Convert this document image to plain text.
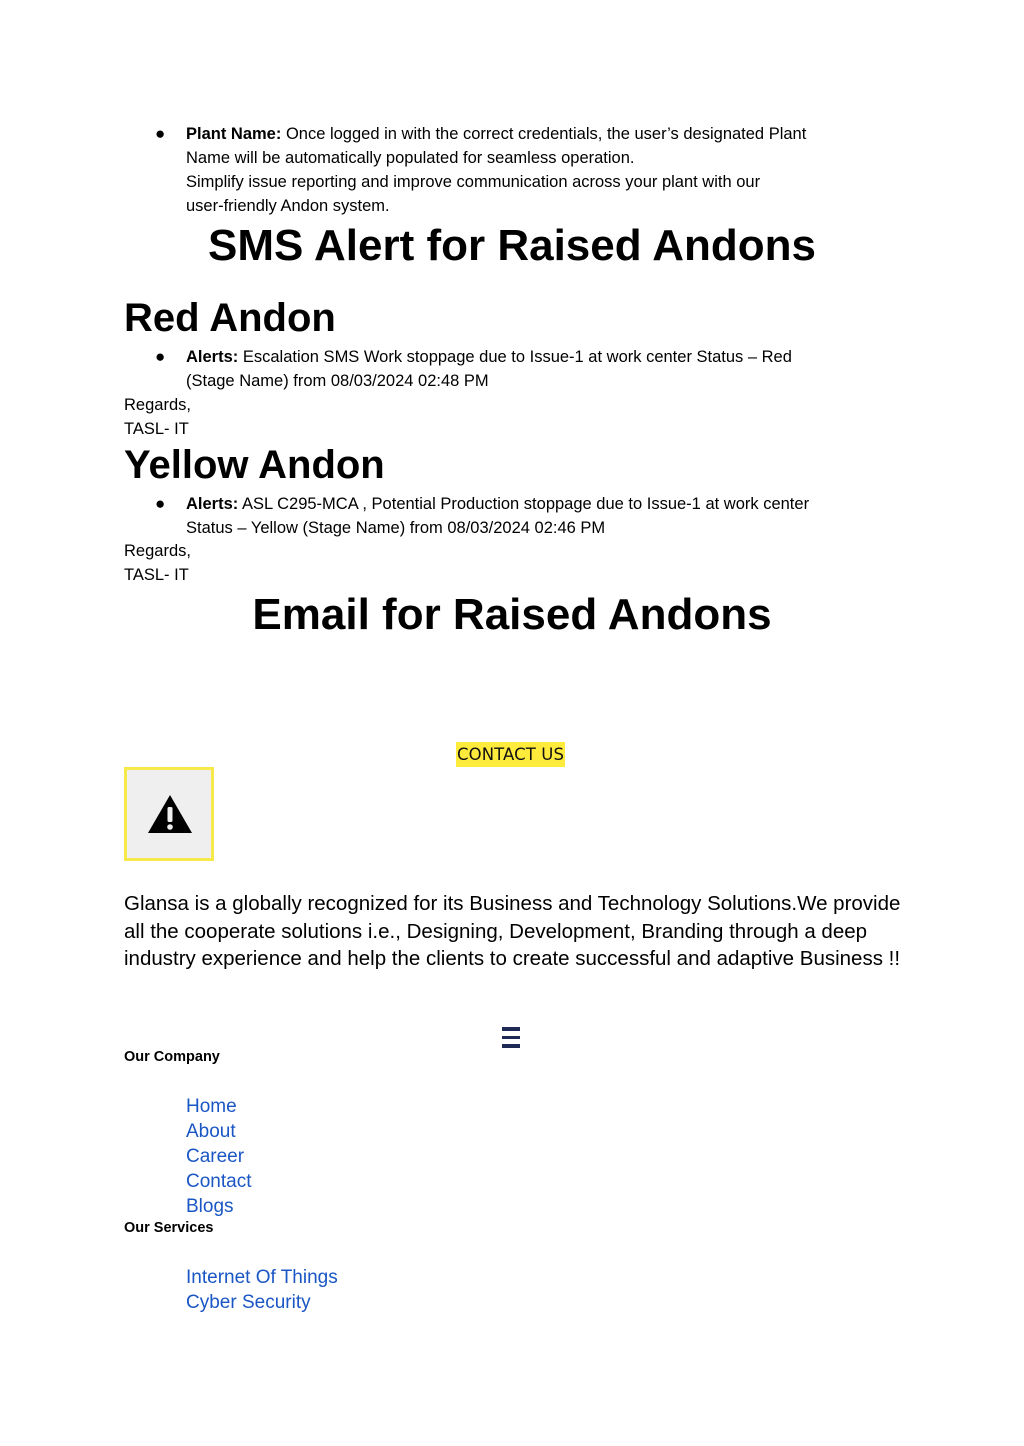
● Plant Name: Once logged in with the correct credentials, the user’s designated Plant

Name will be automatically populated for seamless operation.

Simplify issue reporting and improve communication across your plant with our

user-friendly Andon system.

SMS Alert for Raised Andons
Red Andon
● Alerts: Escalation SMS Work stoppage due to Issue-1 at work center Status – Red

(Stage Name) from 08/03/2024 02:48 PM

Regards,

TASL- IT

Yellow Andon
● Alerts: ASL C295-MCA , Potential Production stoppage due to Issue-1 at work center

Status – Yellow (Stage Name) from 08/03/2024 02:46 PM

Regards,

TASL- IT

Email for Raised Andons
CONTACT US

Glansa is a globally recognized for its Business and Technology Solutions.We provide all the cooperate solutions i.e., Designing, Development, Branding through a deep industry experience and help the clients to create successful and adaptive Business !!

Our Company

Home
About
Career
Contact
Blogs

Our Services

Internet Of Things
Cyber Security
